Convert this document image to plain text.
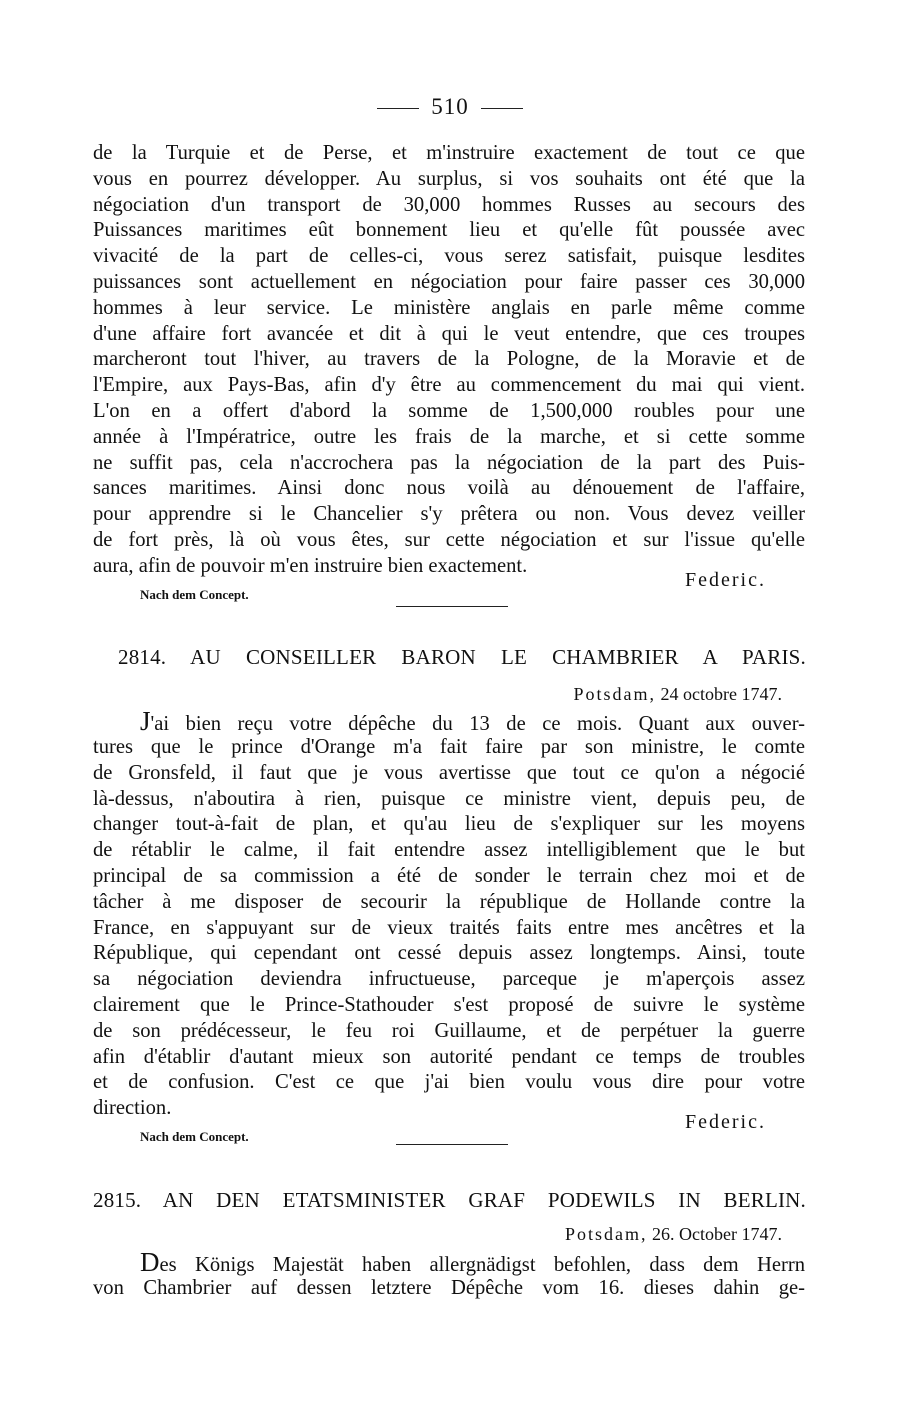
510
de la Turquie et de Perse, et m'instruire exactement de tout ce que
vous en pourrez développer. Au surplus, si vos souhaits ont été que la
négociation d'un transport de 30,000 hommes Russes au secours des
Puissances maritimes eût bonnement lieu et qu'elle fût poussée avec
vivacité de la part de celles-ci, vous serez satisfait, puisque lesdites
puissances sont actuellement en négociation pour faire passer ces 30,000
hommes à leur service. Le ministère anglais en parle même comme
d'une affaire fort avancée et dit à qui le veut entendre, que ces troupes
marcheront tout l'hiver, au travers de la Pologne, de la Moravie et de
l'Empire, aux Pays-Bas, afin d'y être au commencement du mai qui vient.
L'on en a offert d'abord la somme de 1,500,000 roubles pour une
année à l'Impératrice, outre les frais de la marche, et si cette somme
ne suffit pas, cela n'accrochera pas la négociation de la part des Puis-
sances maritimes. Ainsi donc nous voilà au dénouement de l'affaire,
pour apprendre si le Chancelier s'y prêtera ou non. Vous devez veiller
de fort près, là où vous êtes, sur cette négociation et sur l'issue qu'elle
aura, afin de pouvoir m'en instruire bien exactement.
Federic.
Nach dem Concept.
2814. AU CONSEILLER BARON LE CHAMBRIER A PARIS.
Potsdam, 24 octobre 1747.
J'ai bien reçu votre dépêche du 13 de ce mois. Quant aux ouver-
tures que le prince d'Orange m'a fait faire par son ministre, le comte
de Gronsfeld, il faut que je vous avertisse que tout ce qu'on a négocié
là-dessus, n'aboutira à rien, puisque ce ministre vient, depuis peu, de
changer tout-à-fait de plan, et qu'au lieu de s'expliquer sur les moyens
de rétablir le calme, il fait entendre assez intelligiblement que le but
principal de sa commission a été de sonder le terrain chez moi et de
tâcher à me disposer de secourir la république de Hollande contre la
France, en s'appuyant sur de vieux traités faits entre mes ancêtres et la
République, qui cependant ont cessé depuis assez longtemps. Ainsi, toute
sa négociation deviendra infructueuse, parceque je m'aperçois assez
clairement que le Prince-Stathouder s'est proposé de suivre le système
de son prédécesseur, le feu roi Guillaume, et de perpétuer la guerre
afin d'établir d'autant mieux son autorité pendant ce temps de troubles
et de confusion. C'est ce que j'ai bien voulu vous dire pour votre
direction.
Federic.
Nach dem Concept.
2815. AN DEN ETATSMINISTER GRAF PODEWILS IN BERLIN.
Potsdam, 26. October 1747.
Des Königs Majestät haben allergnädigst befohlen, dass dem Herrn
von Chambrier auf dessen letztere Dépêche vom 16. dieses dahin ge-
